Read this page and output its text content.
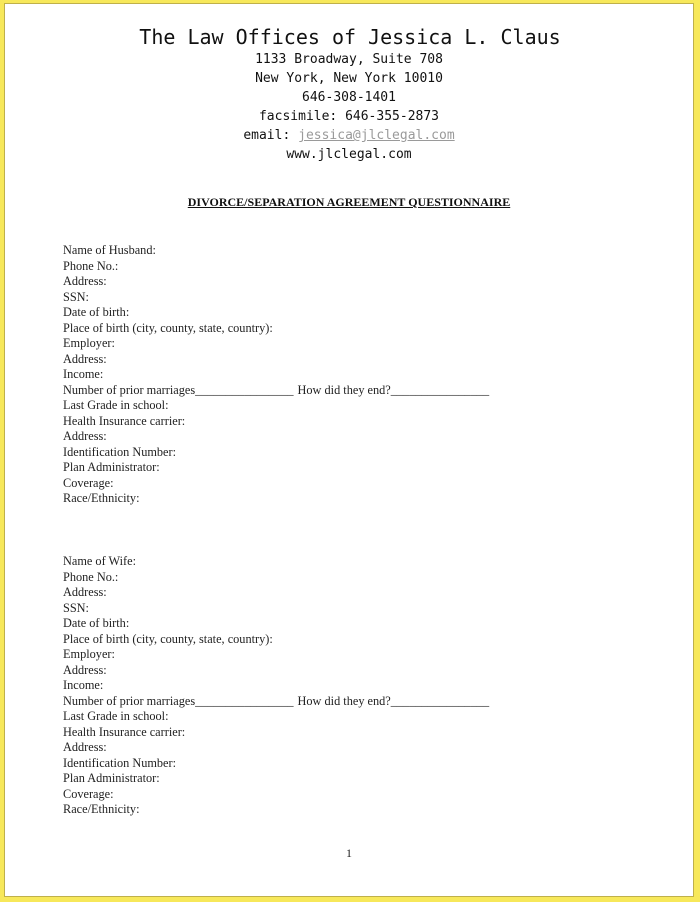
The Law Offices of Jessica L. Claus
1133 Broadway, Suite 708
New York, New York 10010
646-308-1401
facsimile: 646-355-2873
email: jessica@jlclegal.com
www.jlclegal.com
DIVORCE/SEPARATION AGREEMENT QUESTIONNAIRE
Name of Husband:
Phone No.:
Address:
SSN:
Date of birth:
Place of birth (city, county, state, country):
Employer:
Address:
Income:
Number of prior marriages________________ How did they end?________________
Last Grade in school:
Health Insurance carrier:
Address:
Identification Number:
Plan Administrator:
Coverage:
Race/Ethnicity:
Name of Wife:
Phone No.:
Address:
SSN:
Date of birth:
Place of birth (city, county, state, country):
Employer:
Address:
Income:
Number of prior marriages________________ How did they end?________________
Last Grade in school:
Health Insurance carrier:
Address:
Identification Number:
Plan Administrator:
Coverage:
Race/Ethnicity:
1
